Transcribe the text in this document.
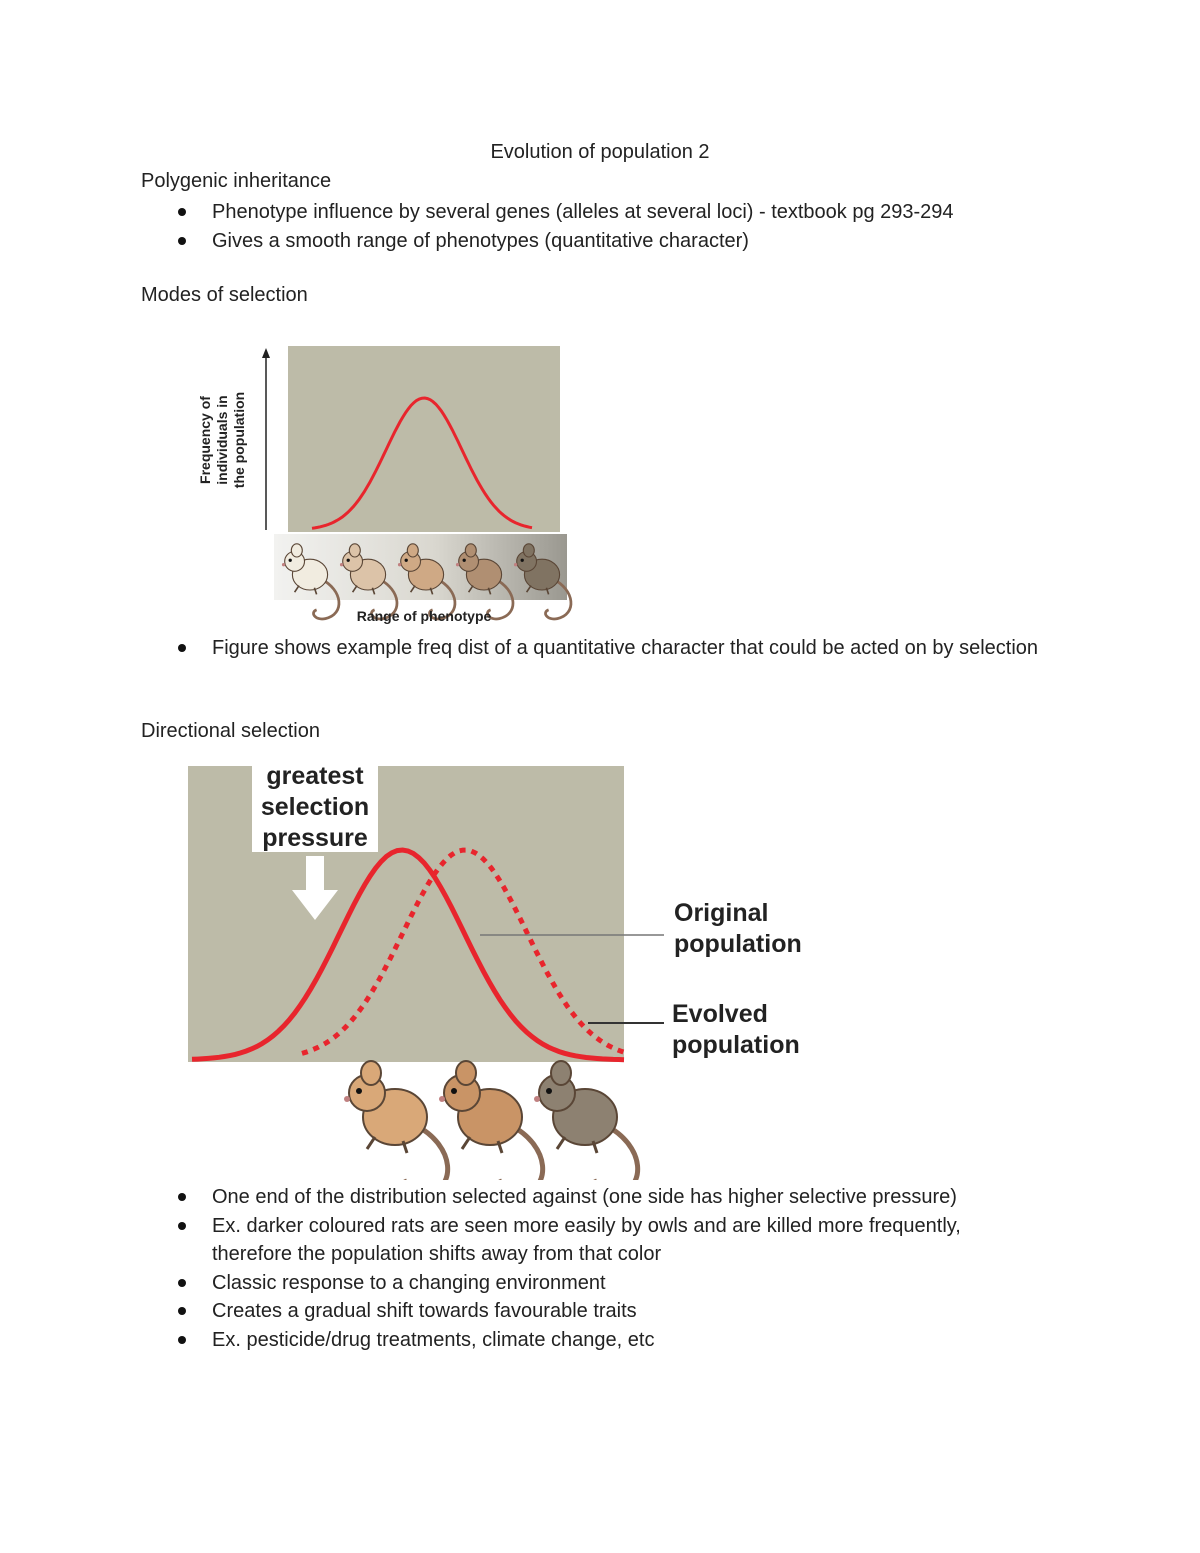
Evolution of population 2
Polygenic inheritance
Phenotype influence by several genes (alleles at several loci) - textbook pg 293-294
Gives a smooth range of phenotypes (quantitative character)
Modes of selection
Frequency of individuals in the population
Range of phenotype
Figure shows example freq dist of a quantitative character that could be acted on by selection
Directional selection
greatest
selection
pressure
Original
population
Evolved
population
One end of the distribution selected against (one side has higher selective pressure)
Ex. darker coloured rats are seen more easily by owls and are killed more frequently, therefore the population shifts away from that color
Classic response to a changing environment
Creates a gradual shift towards favourable traits
Ex. pesticide/drug treatments, climate change, etc
